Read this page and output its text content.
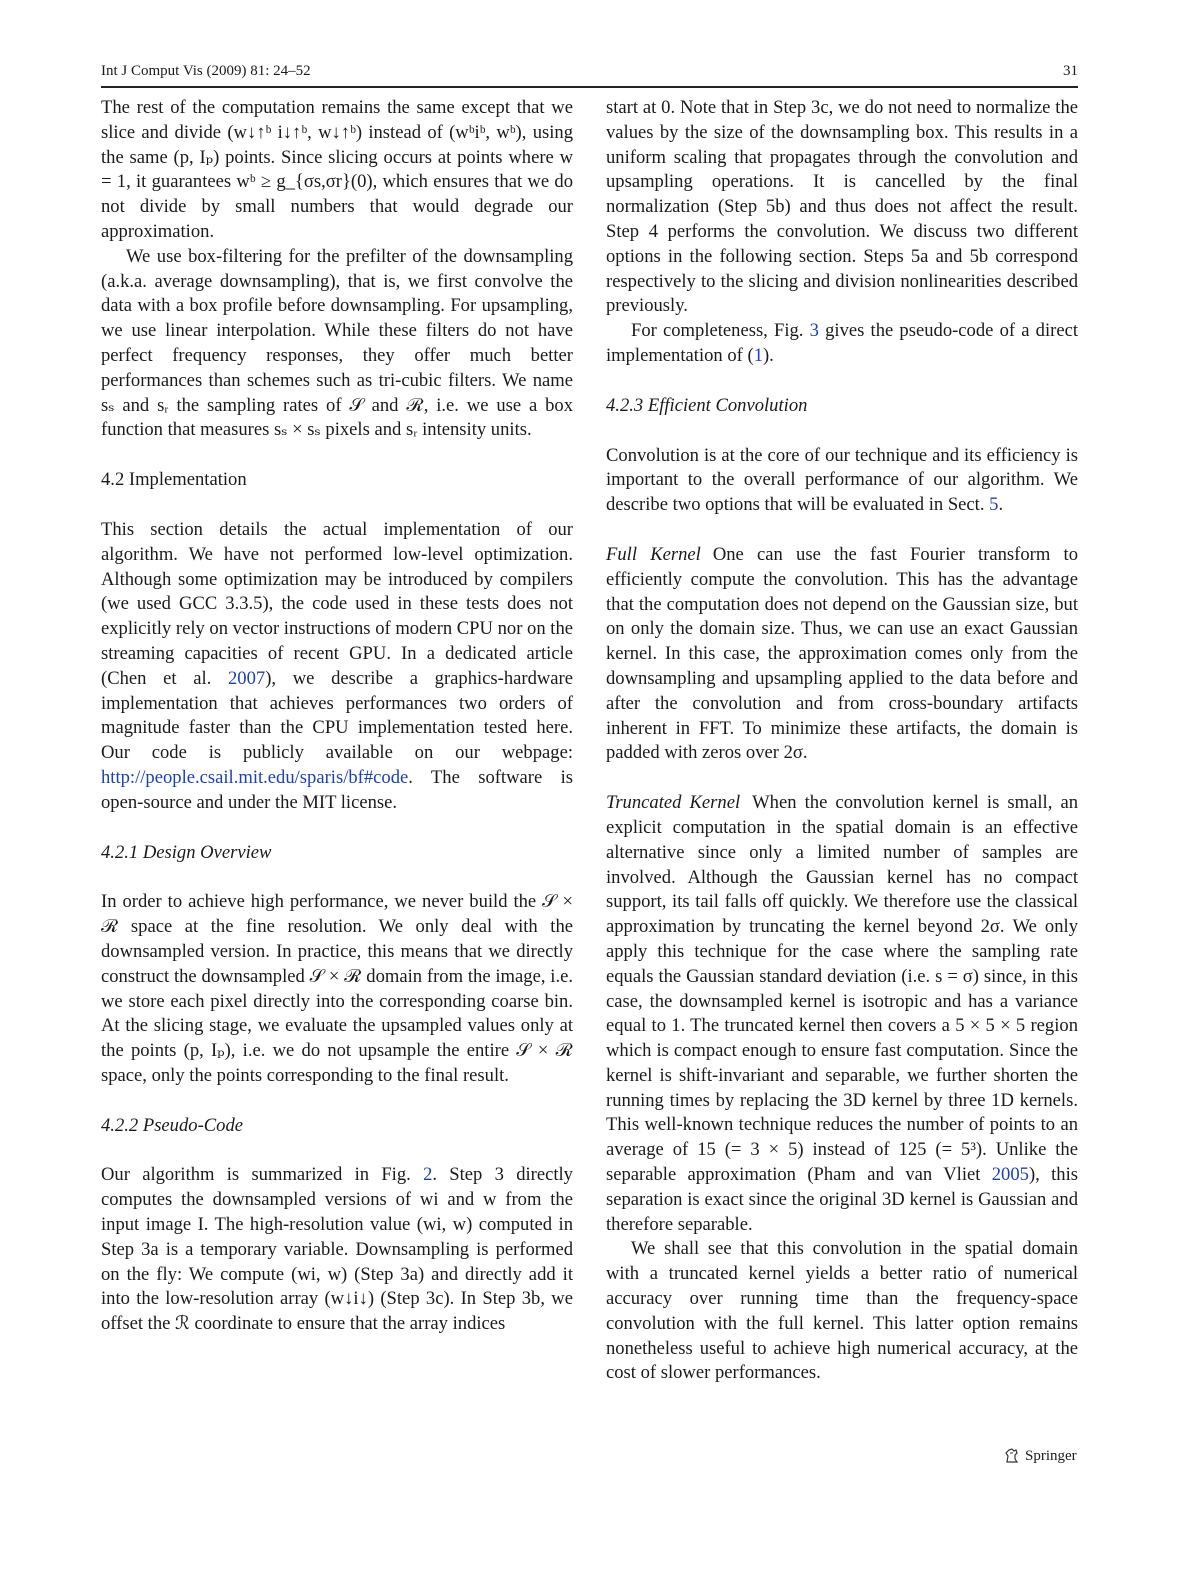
Int J Comput Vis (2009) 81: 24–52	31

The rest of the computation remains the same except that we slice and divide (w↓↑ᵇ i↓↑ᵇ, w↓↑ᵇ) instead of (wᵇiᵇ, wᵇ), using the same (p, Iₚ) points. Since slicing occurs at points where w = 1, it guarantees wᵇ ≥ g_{σs,σr}(0), which ensures that we do not divide by small numbers that would degrade our approximation.

We use box-filtering for the prefilter of the downsampling (a.k.a. average downsampling), that is, we first convolve the data with a box profile before downsampling. For upsampling, we use linear interpolation. While these filters do not have perfect frequency responses, they offer much better performances than schemes such as tri-cubic filters. We name sₛ and sᵣ the sampling rates of 𝒮 and ℛ, i.e. we use a box function that measures sₛ × sₛ pixels and sᵣ intensity units.

4.2 Implementation

This section details the actual implementation of our algorithm. We have not performed low-level optimization. Although some optimization may be introduced by compilers (we used GCC 3.3.5), the code used in these tests does not explicitly rely on vector instructions of modern CPU nor on the streaming capacities of recent GPU. In a dedicated article (Chen et al. 2007), we describe a graphics-hardware implementation that achieves performances two orders of magnitude faster than the CPU implementation tested here. Our code is publicly available on our webpage: http://people.csail.mit.edu/sparis/bf#code. The software is open-source and under the MIT license.

4.2.1 Design Overview

In order to achieve high performance, we never build the 𝒮 × ℛ space at the fine resolution. We only deal with the downsampled version. In practice, this means that we directly construct the downsampled 𝒮 × ℛ domain from the image, i.e. we store each pixel directly into the corresponding coarse bin. At the slicing stage, we evaluate the upsampled values only at the points (p, Iₚ), i.e. we do not upsample the entire 𝒮 × ℛ space, only the points corresponding to the final result.

4.2.2 Pseudo-Code

Our algorithm is summarized in Fig. 2. Step 3 directly computes the downsampled versions of wi and w from the input image I. The high-resolution value (wi, w) computed in Step 3a is a temporary variable. Downsampling is performed on the fly: We compute (wi, w) (Step 3a) and directly add it into the low-resolution array (w↓i↓) (Step 3c). In Step 3b, we offset the ℛ coordinate to ensure that the array indices

start at 0. Note that in Step 3c, we do not need to normalize the values by the size of the downsampling box. This results in a uniform scaling that propagates through the convolution and upsampling operations. It is cancelled by the final normalization (Step 5b) and thus does not affect the result. Step 4 performs the convolution. We discuss two different options in the following section. Steps 5a and 5b correspond respectively to the slicing and division nonlinearities described previously.

For completeness, Fig. 3 gives the pseudo-code of a direct implementation of (1).

4.2.3 Efficient Convolution

Convolution is at the core of our technique and its efficiency is important to the overall performance of our algorithm. We describe two options that will be evaluated in Sect. 5.

Full Kernel One can use the fast Fourier transform to efficiently compute the convolution. This has the advantage that the computation does not depend on the Gaussian size, but on only the domain size. Thus, we can use an exact Gaussian kernel. In this case, the approximation comes only from the downsampling and upsampling applied to the data before and after the convolution and from cross-boundary artifacts inherent in FFT. To minimize these artifacts, the domain is padded with zeros over 2σ.

Truncated Kernel When the convolution kernel is small, an explicit computation in the spatial domain is an effective alternative since only a limited number of samples are involved. Although the Gaussian kernel has no compact support, its tail falls off quickly. We therefore use the classical approximation by truncating the kernel beyond 2σ. We only apply this technique for the case where the sampling rate equals the Gaussian standard deviation (i.e. s = σ) since, in this case, the downsampled kernel is isotropic and has a variance equal to 1. The truncated kernel then covers a 5 × 5 × 5 region which is compact enough to ensure fast computation. Since the kernel is shift-invariant and separable, we further shorten the running times by replacing the 3D kernel by three 1D kernels. This well-known technique reduces the number of points to an average of 15 (= 3 × 5) instead of 125 (= 5³). Unlike the separable approximation (Pham and van Vliet 2005), this separation is exact since the original 3D kernel is Gaussian and therefore separable.

We shall see that this convolution in the spatial domain with a truncated kernel yields a better ratio of numerical accuracy over running time than the frequency-space convolution with the full kernel. This latter option remains nonetheless useful to achieve high numerical accuracy, at the cost of slower performances.

Springer
